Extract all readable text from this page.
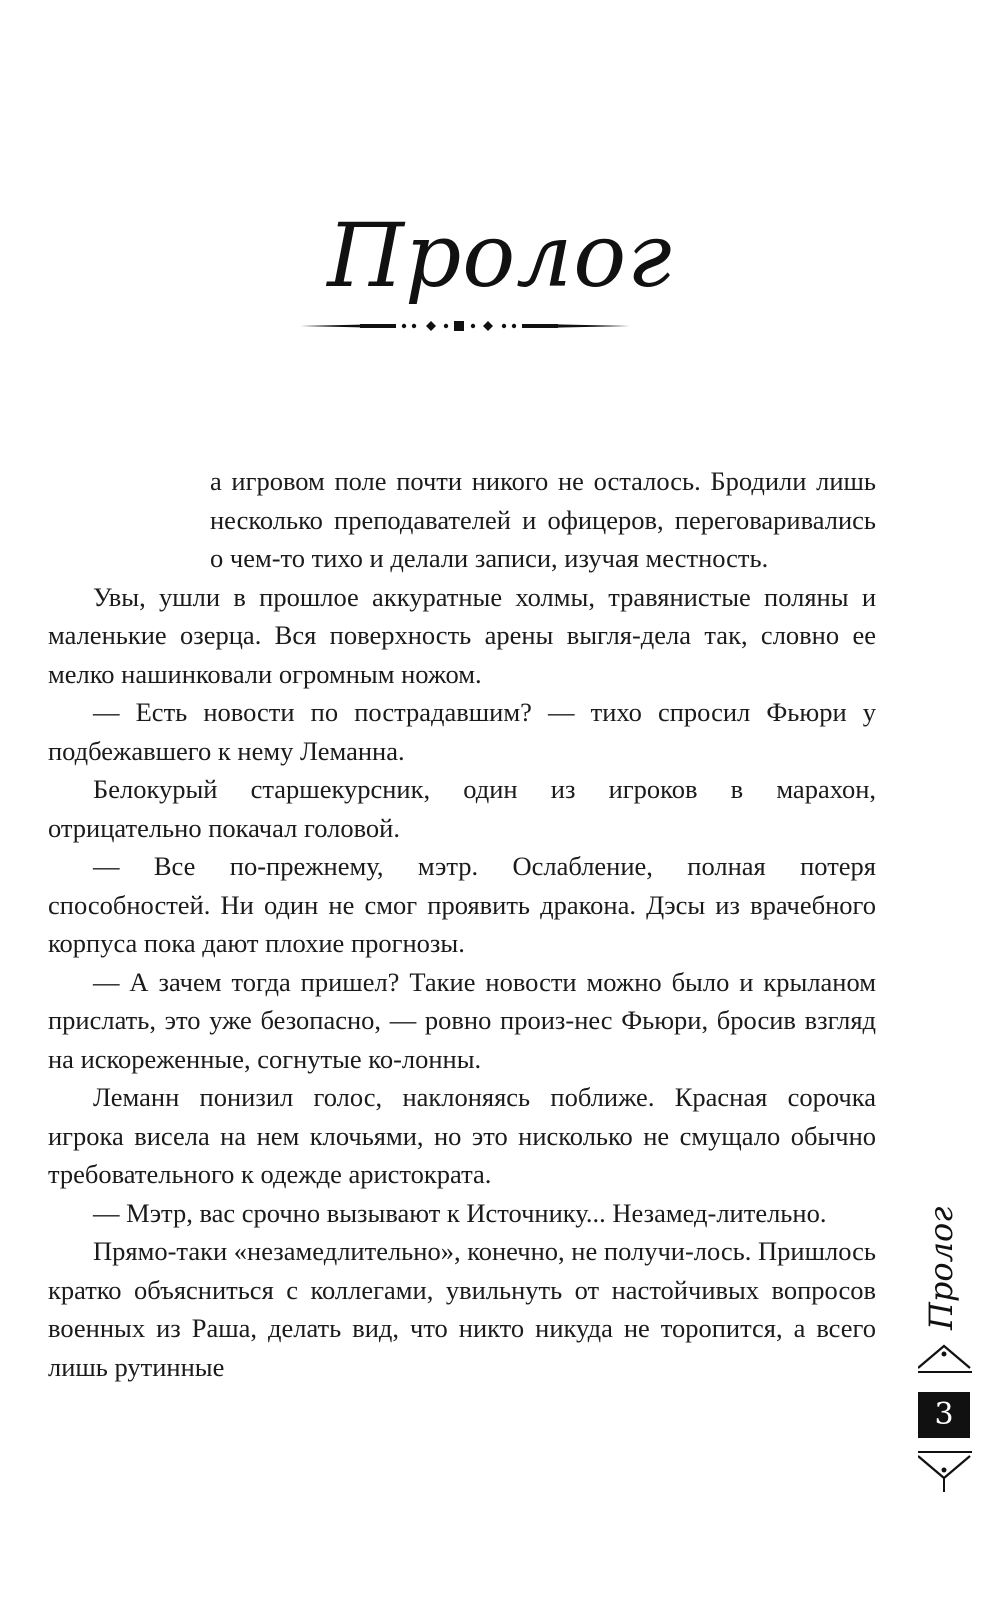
Пролог

а игровом поле почти никого не осталось. Бродили лишь несколько преподавателей и офицеров, переговаривались о чем-то тихо и делали записи, изучая местность.

Увы, ушли в прошлое аккуратные холмы, травянистые поляны и маленькие озерца. Вся поверхность арены выгля-дела так, словно ее мелко нашинковали огромным ножом.

— Есть новости по пострадавшим? — тихо спросил Фьюри у подбежавшего к нему Леманна.

Белокурый старшекурсник, один из игроков в марахон, отрицательно покачал головой.

— Все по-прежнему, мэтр. Ослабление, полная потеря способностей. Ни один не смог проявить дракона. Дэсы из врачебного корпуса пока дают плохие прогнозы.

— А зачем тогда пришел? Такие новости можно было и крыланом прислать, это уже безопасно, — ровно произ-нес Фьюри, бросив взгляд на искореженные, согнутые ко-лонны.

Леманн понизил голос, наклоняясь поближе. Красная сорочка игрока висела на нем клочьями, но это нисколько не смущало обычно требовательного к одежде аристократа.

— Мэтр, вас срочно вызывают к Источнику... Незамед-лительно.

Прямо-таки «незамедлительно», конечно, не получи-лось. Пришлось кратко объясниться с коллегами, увильнуть от настойчивых вопросов военных из Раша, делать вид, что никто никуда не торопится, а всего лишь рутинные

Пролог
3
